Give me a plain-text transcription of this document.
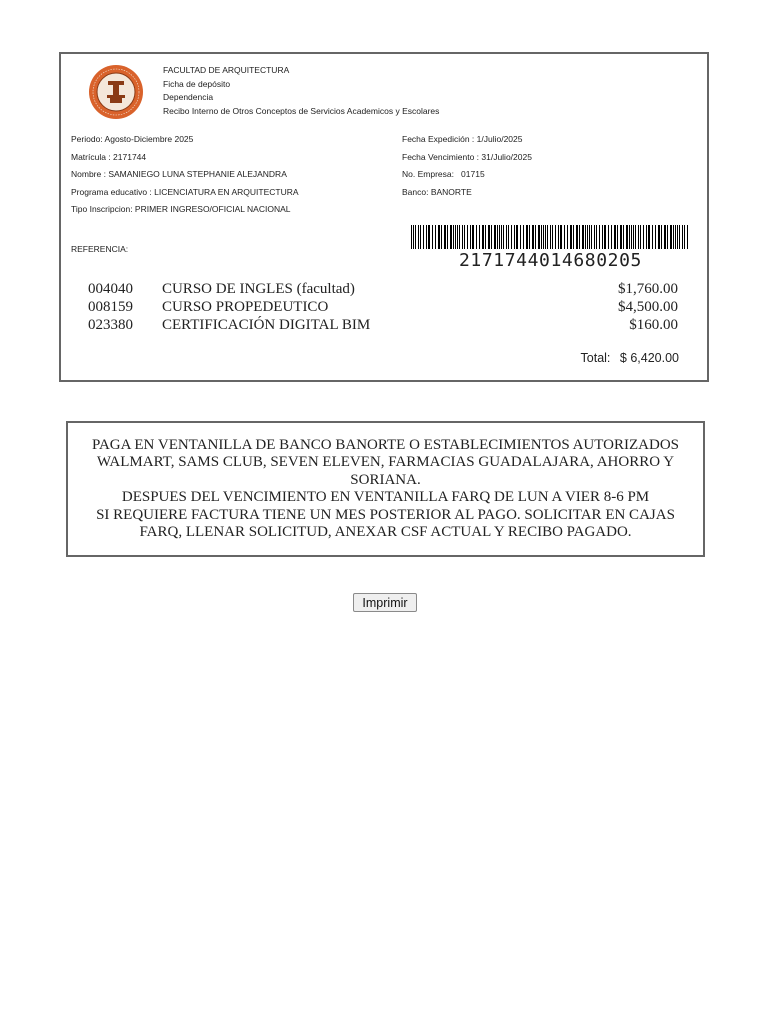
FACULTAD DE ARQUITECTURA
Ficha de depósito
Dependencia
Recibo Interno de Otros Conceptos de Servicios Academicos y Escolares
Periodo: Agosto-Diciembre 2025
Matrícula : 2171744
Nombre : SAMANIEGO LUNA STEPHANIE ALEJANDRA
Programa educativo : LICENCIATURA EN ARQUITECTURA
Tipo Inscripcion: PRIMER INGRESO/OFICIAL NACIONAL
Fecha Expedición : 1/Julio/2025
Fecha Vencimiento : 31/Julio/2025
No. Empresa:   01715
Banco: BANORTE
REFERENCIA:
2171744014680205
004040 CURSO DE INGLES (facultad)	$1,760.00
008159 CURSO PROPEDEUTICO	$4,500.00
023380 CERTIFICACIÓN DIGITAL BIM	$160.00
Total: $ 6,420.00
PAGA EN VENTANILLA DE BANCO BANORTE O ESTABLECIMIENTOS AUTORIZADOS WALMART, SAMS CLUB, SEVEN ELEVEN, FARMACIAS GUADALAJARA, AHORRO Y SORIANA.
DESPUES DEL VENCIMIENTO EN VENTANILLA FARQ DE LUN A VIER 8-6 PM
SI REQUIERE FACTURA TIENE UN MES POSTERIOR AL PAGO. SOLICITAR EN CAJAS FARQ, LLENAR SOLICITUD, ANEXAR CSF ACTUAL Y RECIBO PAGADO.
Imprimir
